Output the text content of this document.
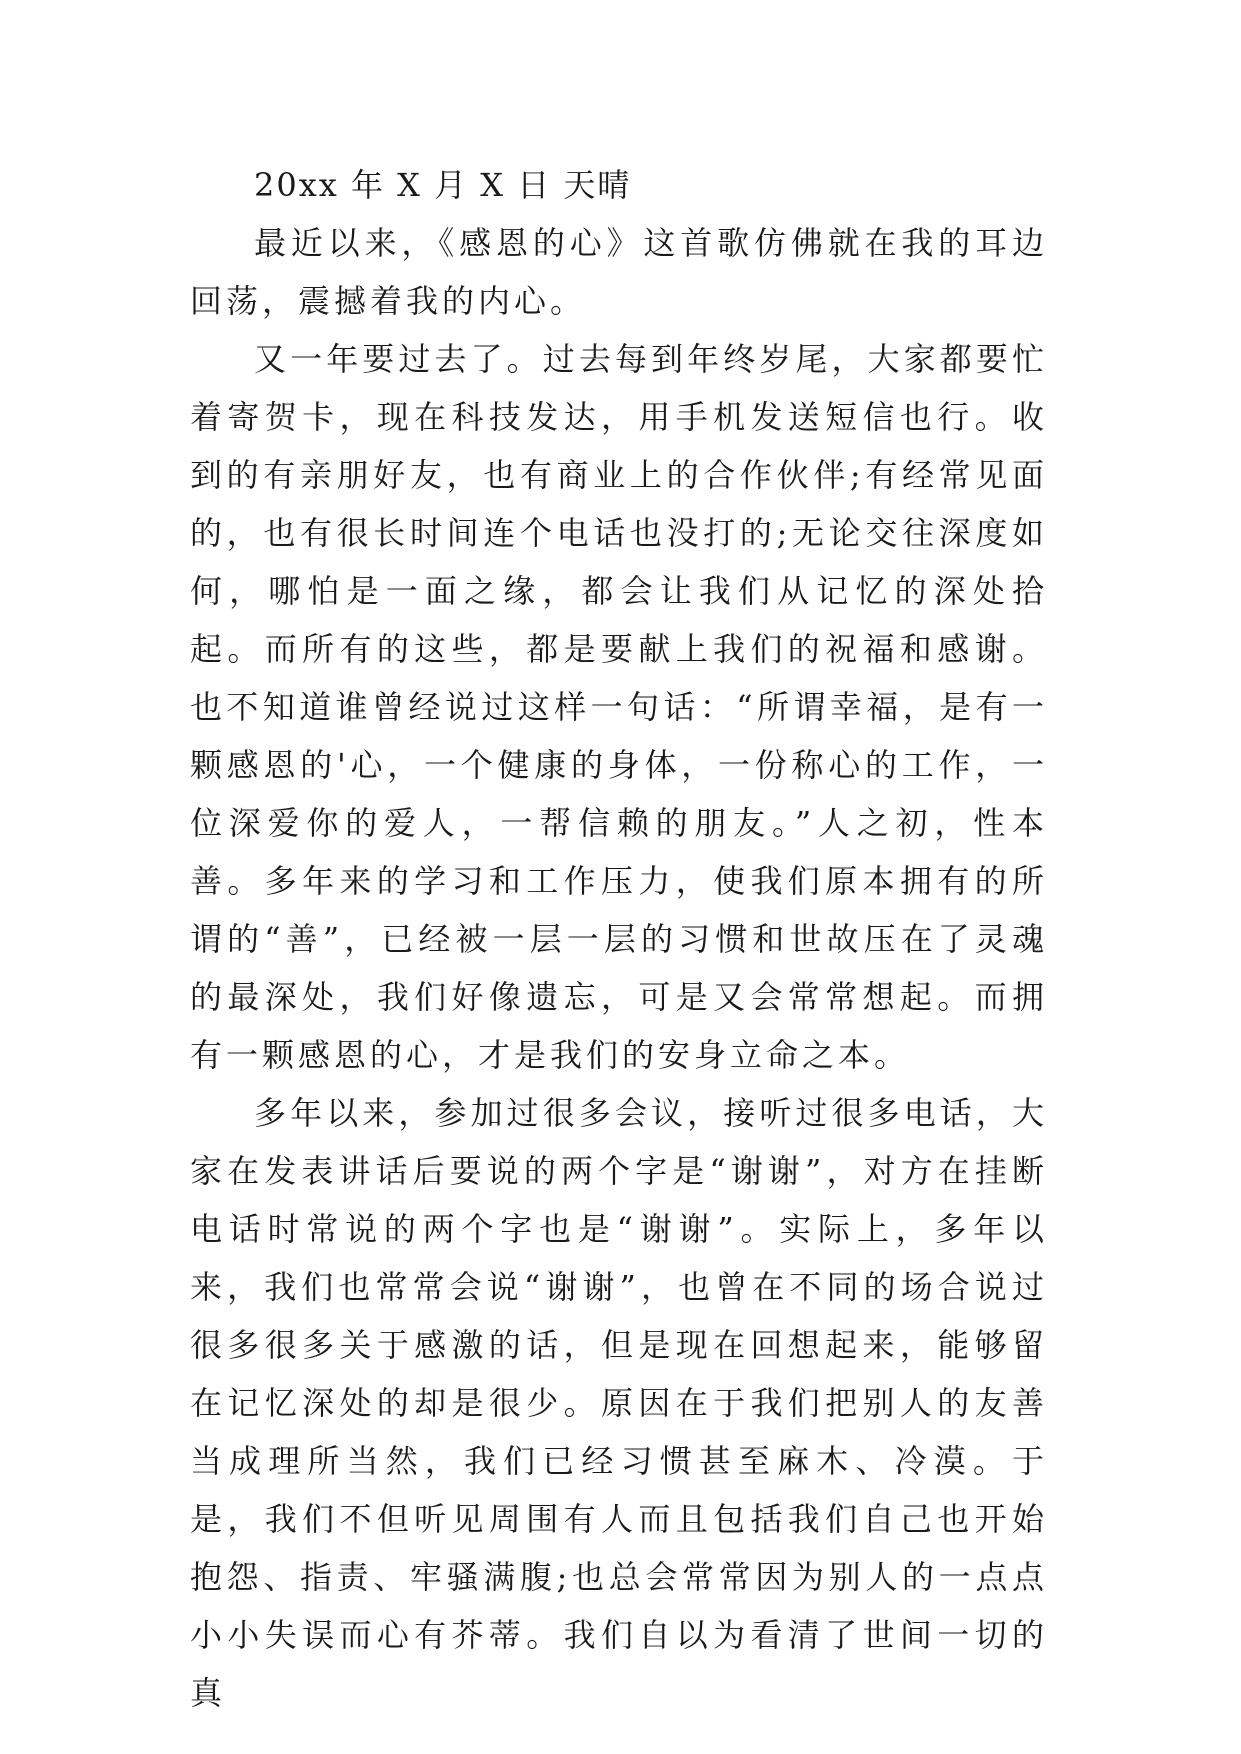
20xx 年 X 月 X 日 天晴

最近以来，《感恩的心》这首歌仿佛就在我的耳边回荡，震撼着我的内心。

又一年要过去了。过去每到年终岁尾，大家都要忙着寄贺卡，现在科技发达，用手机发送短信也行。收到的有亲朋好友，也有商业上的合作伙伴;有经常见面的，也有很长时间连个电话也没打的;无论交往深度如何，哪怕是一面之缘，都会让我们从记忆的深处拾起。而所有的这些，都是要献上我们的祝福和感谢。也不知道谁曾经说过这样一句话：“所谓幸福，是有一颗感恩的'心，一个健康的身体，一份称心的工作，一位深爱你的爱人，一帮信赖的朋友。”人之初，性本善。多年来的学习和工作压力，使我们原本拥有的所谓的“善”，已经被一层一层的习惯和世故压在了灵魂的最深处，我们好像遗忘，可是又会常常想起。而拥有一颗感恩的心，才是我们的安身立命之本。

多年以来，参加过很多会议，接听过很多电话，大家在发表讲话后要说的两个字是“谢谢”，对方在挂断电话时常说的两个字也是“谢谢”。实际上，多年以来，我们也常常会说“谢谢”，也曾在不同的场合说过很多很多关于感激的话，但是现在回想起来，能够留在记忆深处的却是很少。原因在于我们把别人的友善当成理所当然，我们已经习惯甚至麻木、冷漠。于是，我们不但听见周围有人而且包括我们自己也开始抱怨、指责、牢骚满腹;也总会常常因为别人的一点点小小失误而心有芥蒂。我们自以为看清了世间一切的真
